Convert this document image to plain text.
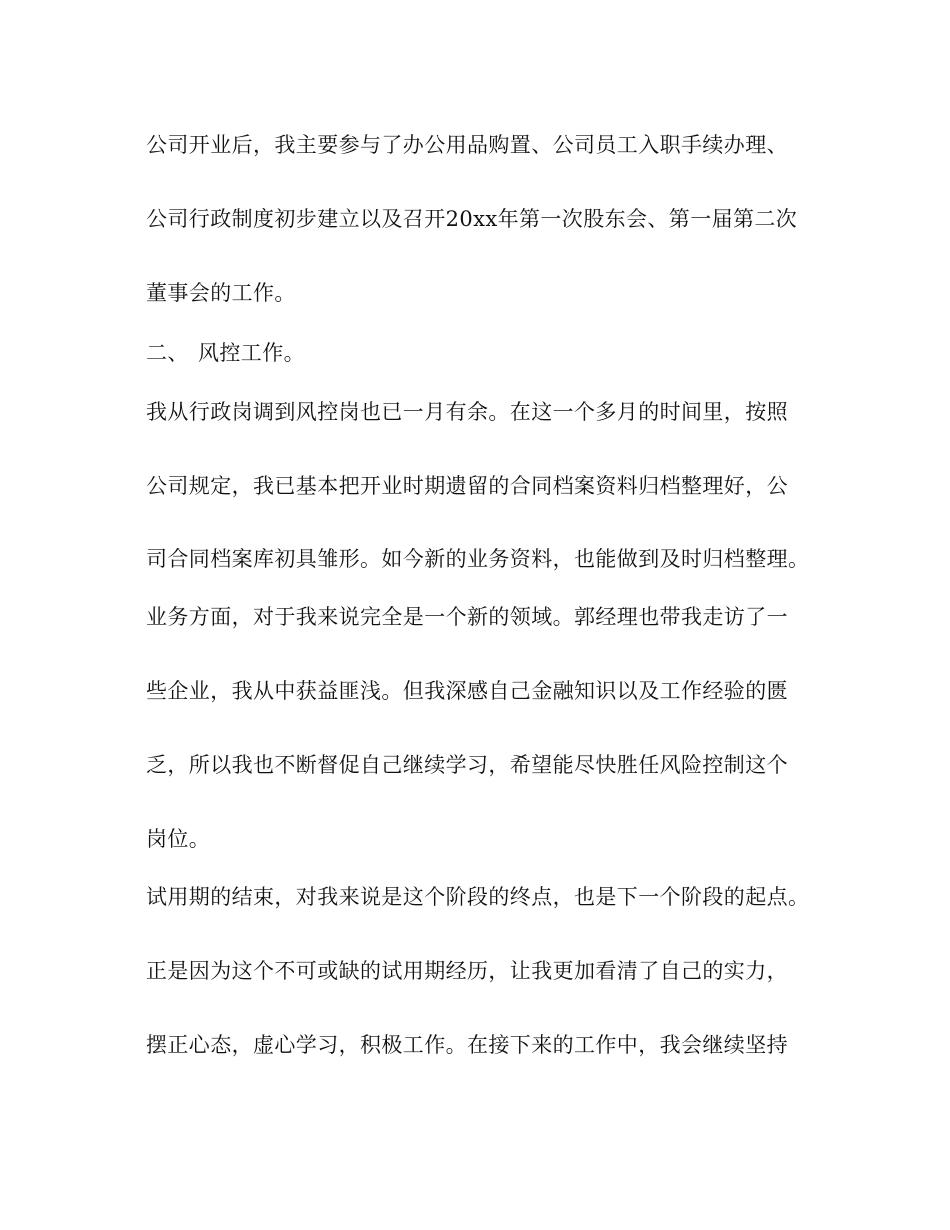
公司开业后，我主要参与了办公用品购置、公司员工入职手续办理、
公司行政制度初步建立以及召开20xx年第一次股东会、第一届第二次
董事会的工作。
二、 风控工作。
我从行政岗调到风控岗也已一月有余。在这一个多月的时间里，按照
公司规定，我已基本把开业时期遗留的合同档案资料归档整理好，公
司合同档案库初具雏形。如今新的业务资料，也能做到及时归档整理。
业务方面，对于我来说完全是一个新的领域。郭经理也带我走访了一
些企业，我从中获益匪浅。但我深感自己金融知识以及工作经验的匮
乏，所以我也不断督促自己继续学习，希望能尽快胜任风险控制这个
岗位。
试用期的结束，对我来说是这个阶段的终点，也是下一个阶段的起点。
正是因为这个不可或缺的试用期经历，让我更加看清了自己的实力，
摆正心态，虚心学习，积极工作。在接下来的工作中，我会继续坚持
